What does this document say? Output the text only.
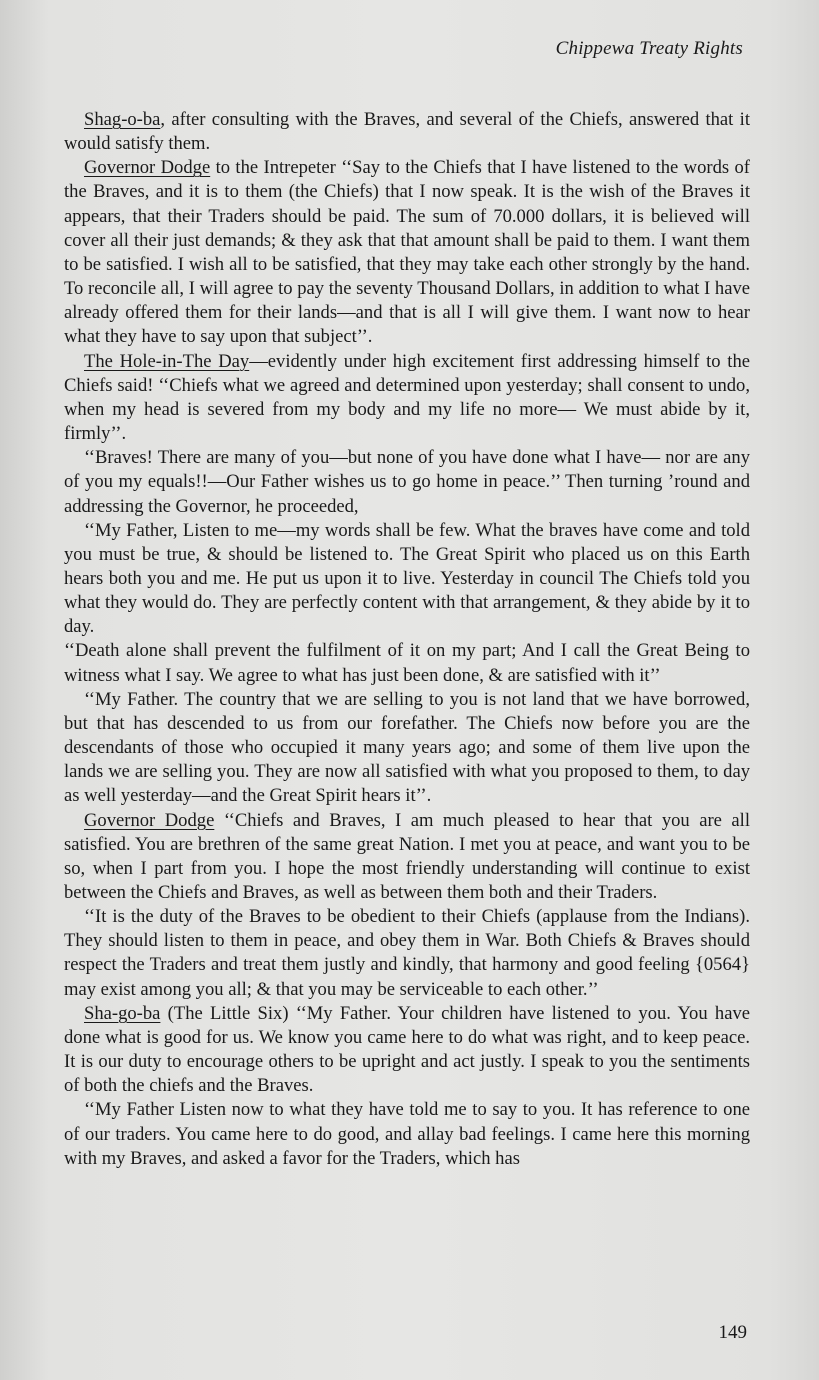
Chippewa Treaty Rights

Shag-o-ba, after consulting with the Braves, and several of the Chiefs, answered that it would satisfy them.

Governor Dodge to the Intrepeter ‘‘Say to the Chiefs that I have listened to the words of the Braves, and it is to them (the Chiefs) that I now speak. It is the wish of the Braves it appears, that their Traders should be paid. The sum of 70.000 dollars, it is believed will cover all their just demands; & they ask that that amount shall be paid to them. I want them to be satisfied. I wish all to be satisfied, that they may take each other strongly by the hand. To reconcile all, I will agree to pay the seventy Thousand Dollars, in addition to what I have already offered them for their lands—and that is all I will give them. I want now to hear what they have to say upon that subject’’.

The Hole-in-The Day—evidently under high excitement first addressing himself to the Chiefs said! ‘‘Chiefs what we agreed and determined upon yesterday; shall consent to undo, when my head is severed from my body and my life no more— We must abide by it, firmly’’.

‘‘Braves! There are many of you—but none of you have done what I have— nor are any of you my equals!!—Our Father wishes us to go home in peace.’’ Then turning ’round and addressing the Governor, he proceeded,

‘‘My Father, Listen to me—my words shall be few. What the braves have come and told you must be true, & should be listened to. The Great Spirit who placed us on this Earth hears both you and me. He put us upon it to live. Yesterday in council The Chiefs told you what they would do. They are perfectly content with that arrangement, & they abide by it to day.

‘‘Death alone shall prevent the fulfilment of it on my part; And I call the Great Being to witness what I say. We agree to what has just been done, & are satisfied with it’’

‘‘My Father. The country that we are selling to you is not land that we have borrowed, but that has descended to us from our forefather. The Chiefs now before you are the descendants of those who occupied it many years ago; and some of them live upon the lands we are selling you. They are now all satisfied with what you proposed to them, to day as well yesterday—and the Great Spirit hears it’’.

Governor Dodge ‘‘Chiefs and Braves, I am much pleased to hear that you are all satisfied. You are brethren of the same great Nation. I met you at peace, and want you to be so, when I part from you. I hope the most friendly understanding will continue to exist between the Chiefs and Braves, as well as between them both and their Traders.

‘‘It is the duty of the Braves to be obedient to their Chiefs (applause from the Indians). They should listen to them in peace, and obey them in War. Both Chiefs & Braves should respect the Traders and treat them justly and kindly, that harmony and good feeling {0564} may exist among you all; & that you may be serviceable to each other.’’

Sha-go-ba (The Little Six) ‘‘My Father. Your children have listened to you. You have done what is good for us. We know you came here to do what was right, and to keep peace. It is our duty to encourage others to be upright and act justly. I speak to you the sentiments of both the chiefs and the Braves.

‘‘My Father Listen now to what they have told me to say to you. It has reference to one of our traders. You came here to do good, and allay bad feelings. I came here this morning with my Braves, and asked a favor for the Traders, which has

149
